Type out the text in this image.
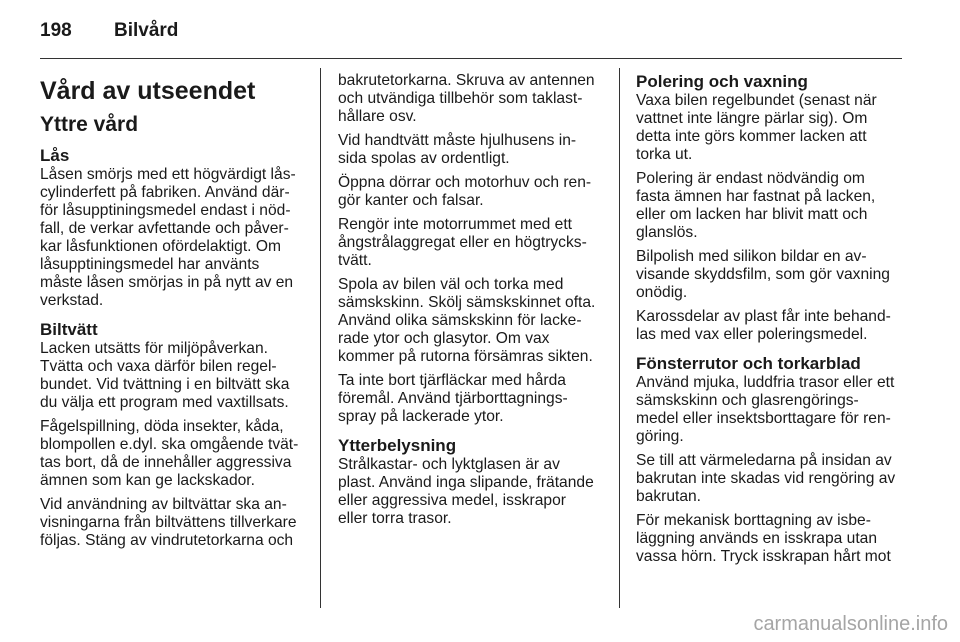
198 Bilvård
Vård av utseendet
Yttre vård
Lås

Låsen smörjs med ett högvärdigt lås-
cylinderfett på fabriken. Använd där-
för låsupptiningsmedel endast i nöd-
fall, de verkar avfettande och påver-
kar låsfunktionen ofördelaktigt. Om
låsupptiningsmedel har använts
måste låsen smörjas in på nytt av en
verkstad.

Biltvätt

Lacken utsätts för miljöpåverkan.
Tvätta och vaxa därför bilen regel-
bundet. Vid tvättning i en biltvätt ska
du välja ett program med vaxtillsats.

Fågelspillning, döda insekter, kåda,
blompollen e.dyl. ska omgående tvät-
tas bort, då de innehåller aggressiva
ämnen som kan ge lackskador.

Vid användning av biltvättar ska an-
visningarna från biltvättens tillverkare
följas. Stäng av vindrutetorkarna och

bakrutetorkarna. Skruva av antennen
och utvändiga tillbehör som taklast-
hållare osv.

Vid handtvätt måste hjulhusens in-
sida spolas av ordentligt.

Öppna dörrar och motorhuv och ren-
gör kanter och falsar.

Rengör inte motorrummet med ett
ångstrålaggregat eller en högtrycks-
tvätt.

Spola av bilen väl och torka med
sämskskinn. Skölj sämskskinnet ofta.
Använd olika sämskskinn för lacke-
rade ytor och glasytor. Om vax
kommer på rutorna försämras sikten.

Ta inte bort tjärfläckar med hårda
föremål. Använd tjärborttagnings-
spray på lackerade ytor.

Ytterbelysning

Strålkastar- och lyktglasen är av
plast. Använd inga slipande, frätande
eller aggressiva medel, isskrapor
eller torra trasor.

Polering och vaxning

Vaxa bilen regelbundet (senast när
vattnet inte längre pärlar sig). Om
detta inte görs kommer lacken att
torka ut.

Polering är endast nödvändig om
fasta ämnen har fastnat på lacken,
eller om lacken har blivit matt och
glanslös.

Bilpolish med silikon bildar en av-
visande skyddsfilm, som gör vaxning
onödig.

Karossdelar av plast får inte behand-
las med vax eller poleringsmedel.

Fönsterrutor och torkarblad

Använd mjuka, luddfria trasor eller ett
sämskskinn och glasrengörings-
medel eller insektsborttagare för ren-
göring.

Se till att värmeledarna på insidan av
bakrutan inte skadas vid rengöring av
bakrutan.

För mekanisk borttagning av isbe-
läggning används en isskrapa utan
vassa hörn. Tryck isskrapan hårt mot

carmanualsonline.info
